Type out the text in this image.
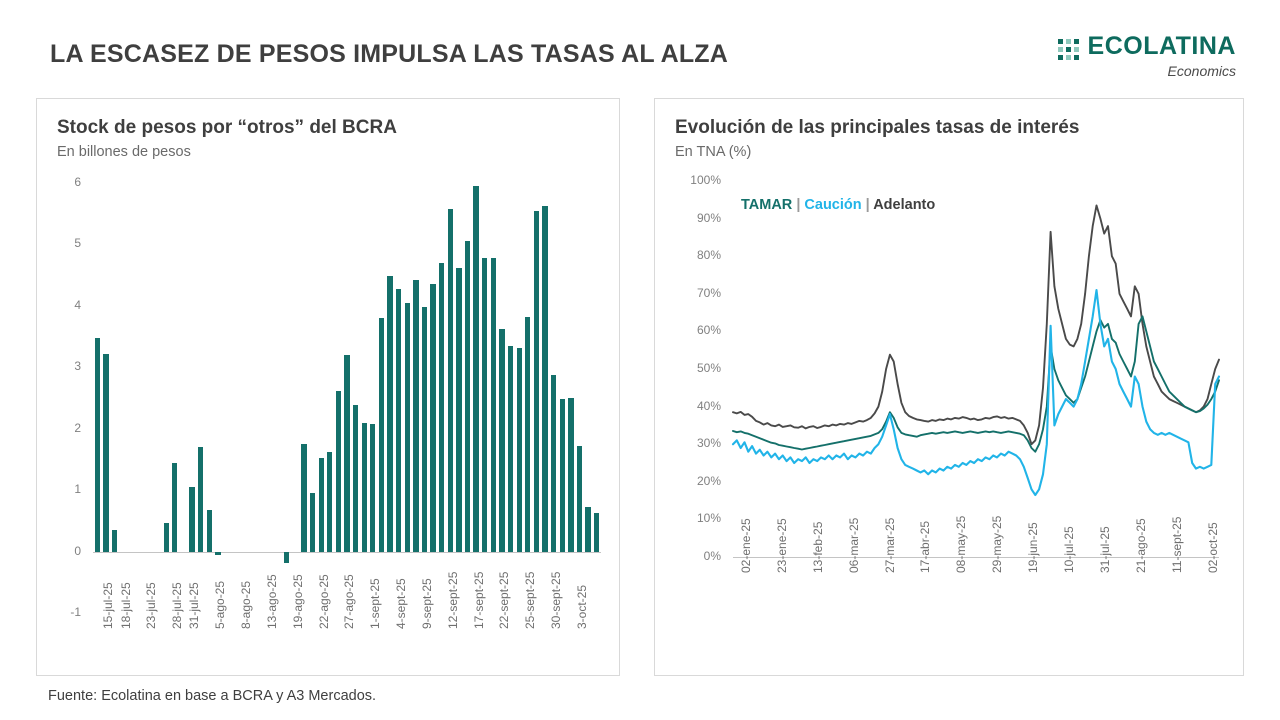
LA ESCASEZ DE PESOS IMPULSA LAS TASAS AL ALZA	ECOLATINA
Economics
Stock de pesos por “otros” del BCRA
En billones de pesos
-1
0
1
2
3
4
5
6
15-jul-25 18-jul-25 23-jul-25 28-jul-25 31-jul-25 5-ago-25 8-ago-25 13-ago-25 19-ago-25 22-ago-25 27-ago-25 1-sept-25 4-sept-25 9-sept-25 12-sept-25 17-sept-25 22-sept-25 25-sept-25 30-sept-25 3-oct-25
Evolución de las principales tasas de interés
En TNA (%)
TAMAR | Caución | Adelanto
0%
10%
20%
30%
40%
50%
60%
70%
80%
90%
100%
02-ene-25 23-ene-25 13-feb-25 06-mar-25 27-mar-25 17-abr-25 08-may-25 29-may-25 19-jun-25 10-jul-25 31-jul-25 21-ago-25 11-sept-25 02-oct-25
Fuente: Ecolatina en base a BCRA y A3 Mercados.
